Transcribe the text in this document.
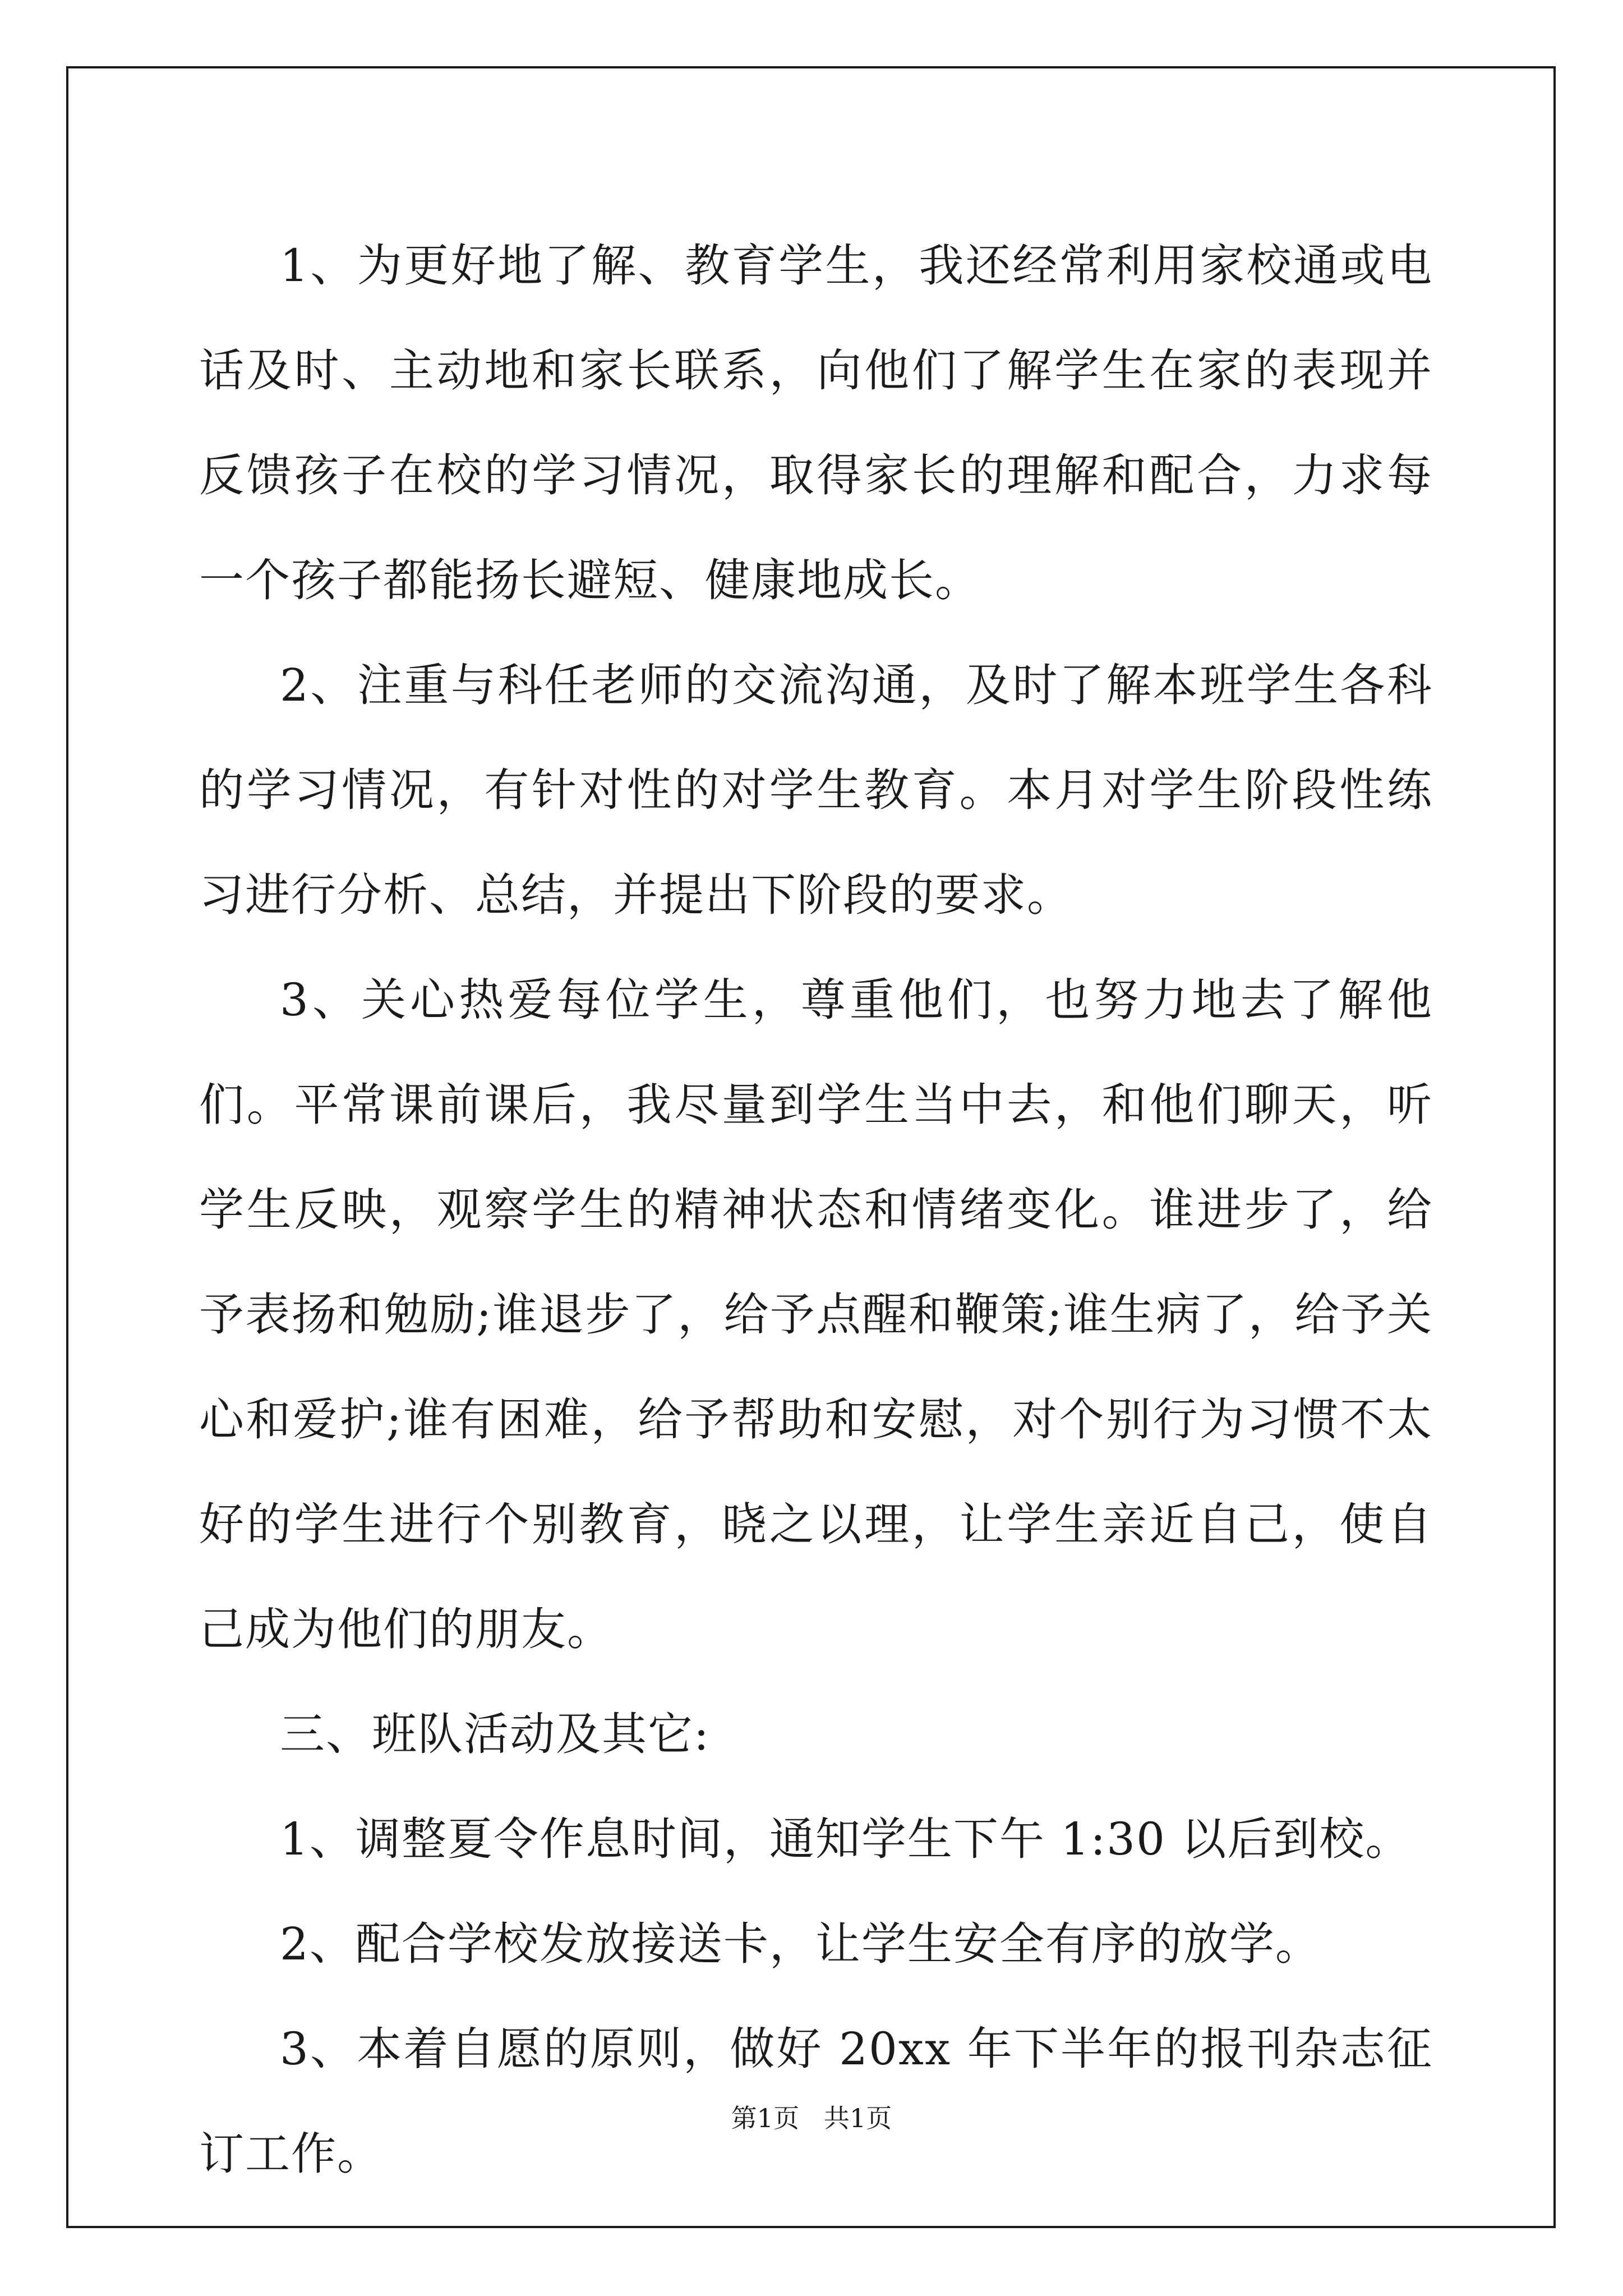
1、为更好地了解、教育学生，我还经常利用家校通或电话及时、主动地和家长联系，向他们了解学生在家的表现并反馈孩子在校的学习情况，取得家长的理解和配合，力求每一个孩子都能扬长避短、健康地成长。

2、注重与科任老师的交流沟通，及时了解本班学生各科的学习情况，有针对性的对学生教育。本月对学生阶段性练习进行分析、总结，并提出下阶段的要求。

3、关心热爱每位学生，尊重他们，也努力地去了解他们。平常课前课后，我尽量到学生当中去，和他们聊天，听学生反映，观察学生的精神状态和情绪变化。谁进步了，给予表扬和勉励;谁退步了，给予点醒和鞭策;谁生病了，给予关心和爱护;谁有困难，给予帮助和安慰，对个别行为习惯不太好的学生进行个别教育，晓之以理，让学生亲近自己，使自己成为他们的朋友。

三、班队活动及其它:

1、调整夏令作息时间，通知学生下午 1:30 以后到校。

2、配合学校发放接送卡，让学生安全有序的放学。

3、本着自愿的原则，做好 20xx 年下半年的报刊杂志征订工作。

第1页   共1页
